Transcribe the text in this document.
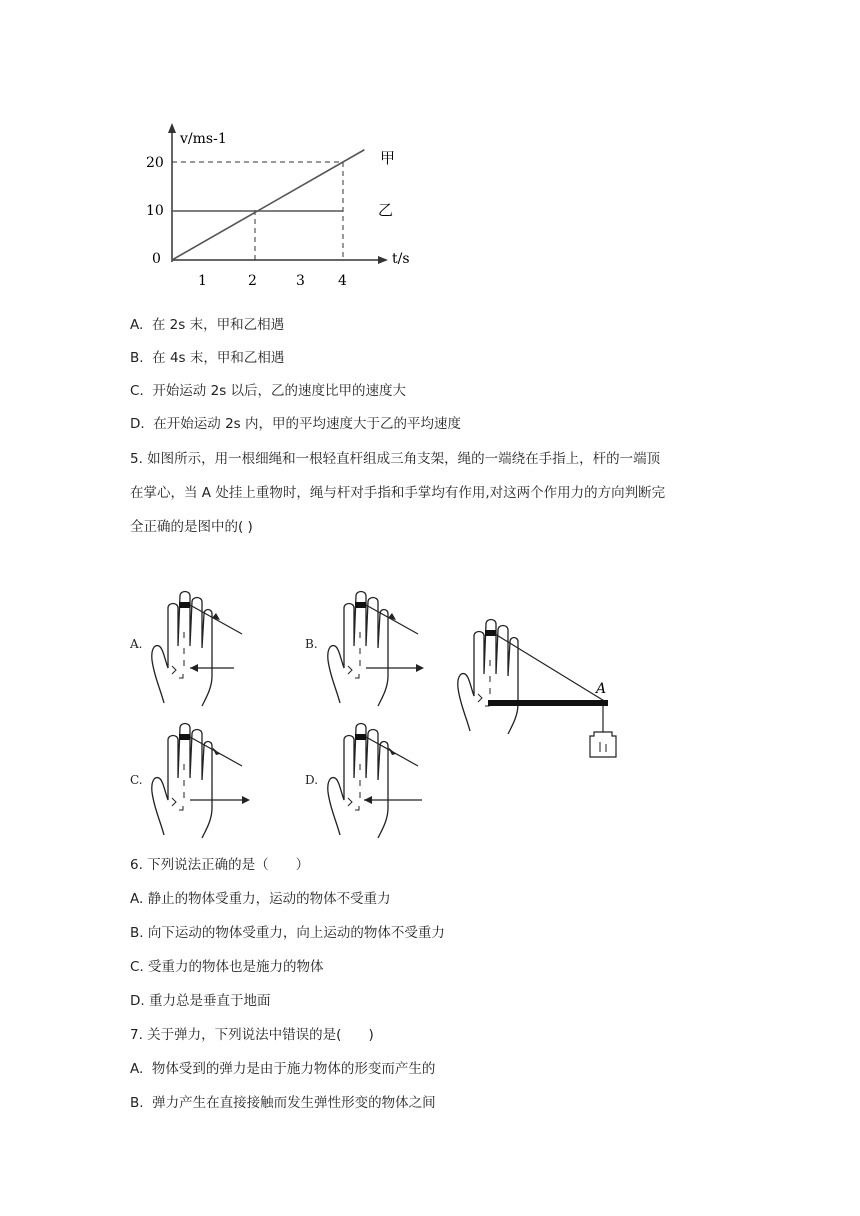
v/ms-1
20
10
0
1	2	3 4
t/s
甲
乙
A. 在 2s 末，甲和乙相遇
B. 在 4s 末，甲和乙相遇
C. 开始运动 2s 以后，乙的速度比甲的速度大
D. 在开始运动 2s 内，甲的平均速度大于乙的平均速度
5. 如图所示，用一根细绳和一根轻直杆组成三角支架，绳的一端绕在手指上，杆的一端顶
在掌心，当 A 处挂上重物时，绳与杆对手指和手掌均有作用,对这两个作用力的方向判断完
全正确的是图中的( )
A.	B.
C.	D.
A
6. 下列说法正确的是（　　）
A. 静止的物体受重力，运动的物体不受重力
B. 向下运动的物体受重力，向上运动的物体不受重力
C. 受重力的物体也是施力的物体
D. 重力总是垂直于地面
7. 关于弹力，下列说法中错误的是(　　)
A. 物体受到的弹力是由于施力物体的形变而产生的
B. 弹力产生在直接接触而发生弹性形变的物体之间
